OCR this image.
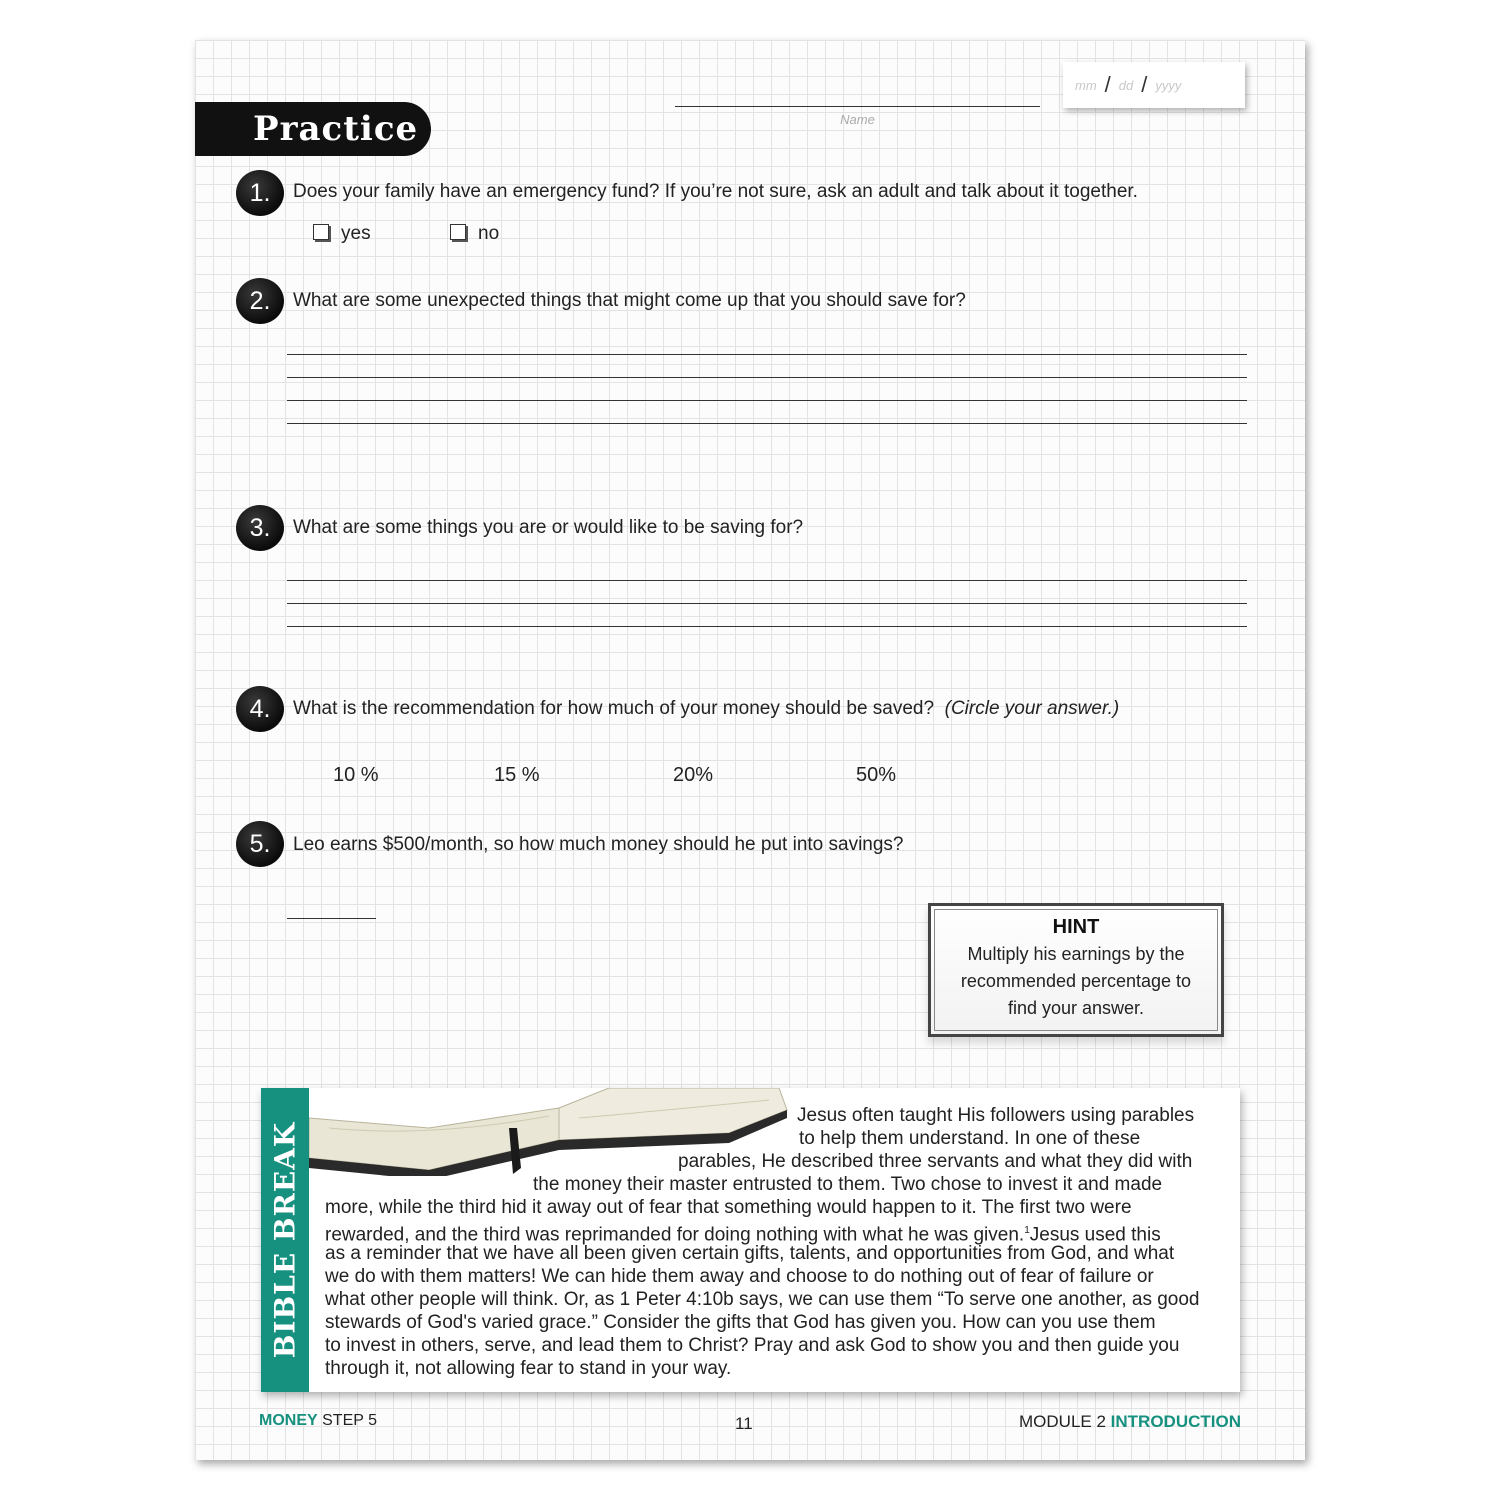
Practice	Name
mm / dd / yyyy
1.	Does your family have an emergency fund? If you’re not sure, ask an adult and talk about it together.
yes	no
2.	What are some unexpected things that might come up that you should save for?
3.	What are some things you are or would like to be saving for?
4.	What is the recommendation for how much of your money should be saved? (Circle your answer.)
10 %	15 %	20%	50%
5.	Leo earns $500/month, so how much money should he put into savings?
HINT
Multiply his earnings by the
recommended percentage to
find your answer.
BIBLE BREAK
Jesus often taught His followers using parables
to help them understand. In one of these
parables, He described three servants and what they did with
the money their master entrusted to them. Two chose to invest it and made
more, while the third hid it away out of fear that something would happen to it. The first two were
rewarded, and the third was reprimanded for doing nothing with what he was given.$^1$Jesus used this
as a reminder that we have all been given certain gifts, talents, and opportunities from God, and what
we do with them matters! We can hide them away and choose to do nothing out of fear of failure or
what other people will think. Or, as 1 Peter 4:10b says, we can use them “To serve one another, as good
stewards of God's varied grace.” Consider the gifts that God has given you. How can you use them
to invest in others, serve, and lead them to Christ? Pray and ask God to show you and then guide you
through it, not allowing fear to stand in your way.
MONEY STEP 5	11	MODULE 2 INTRODUCTION
